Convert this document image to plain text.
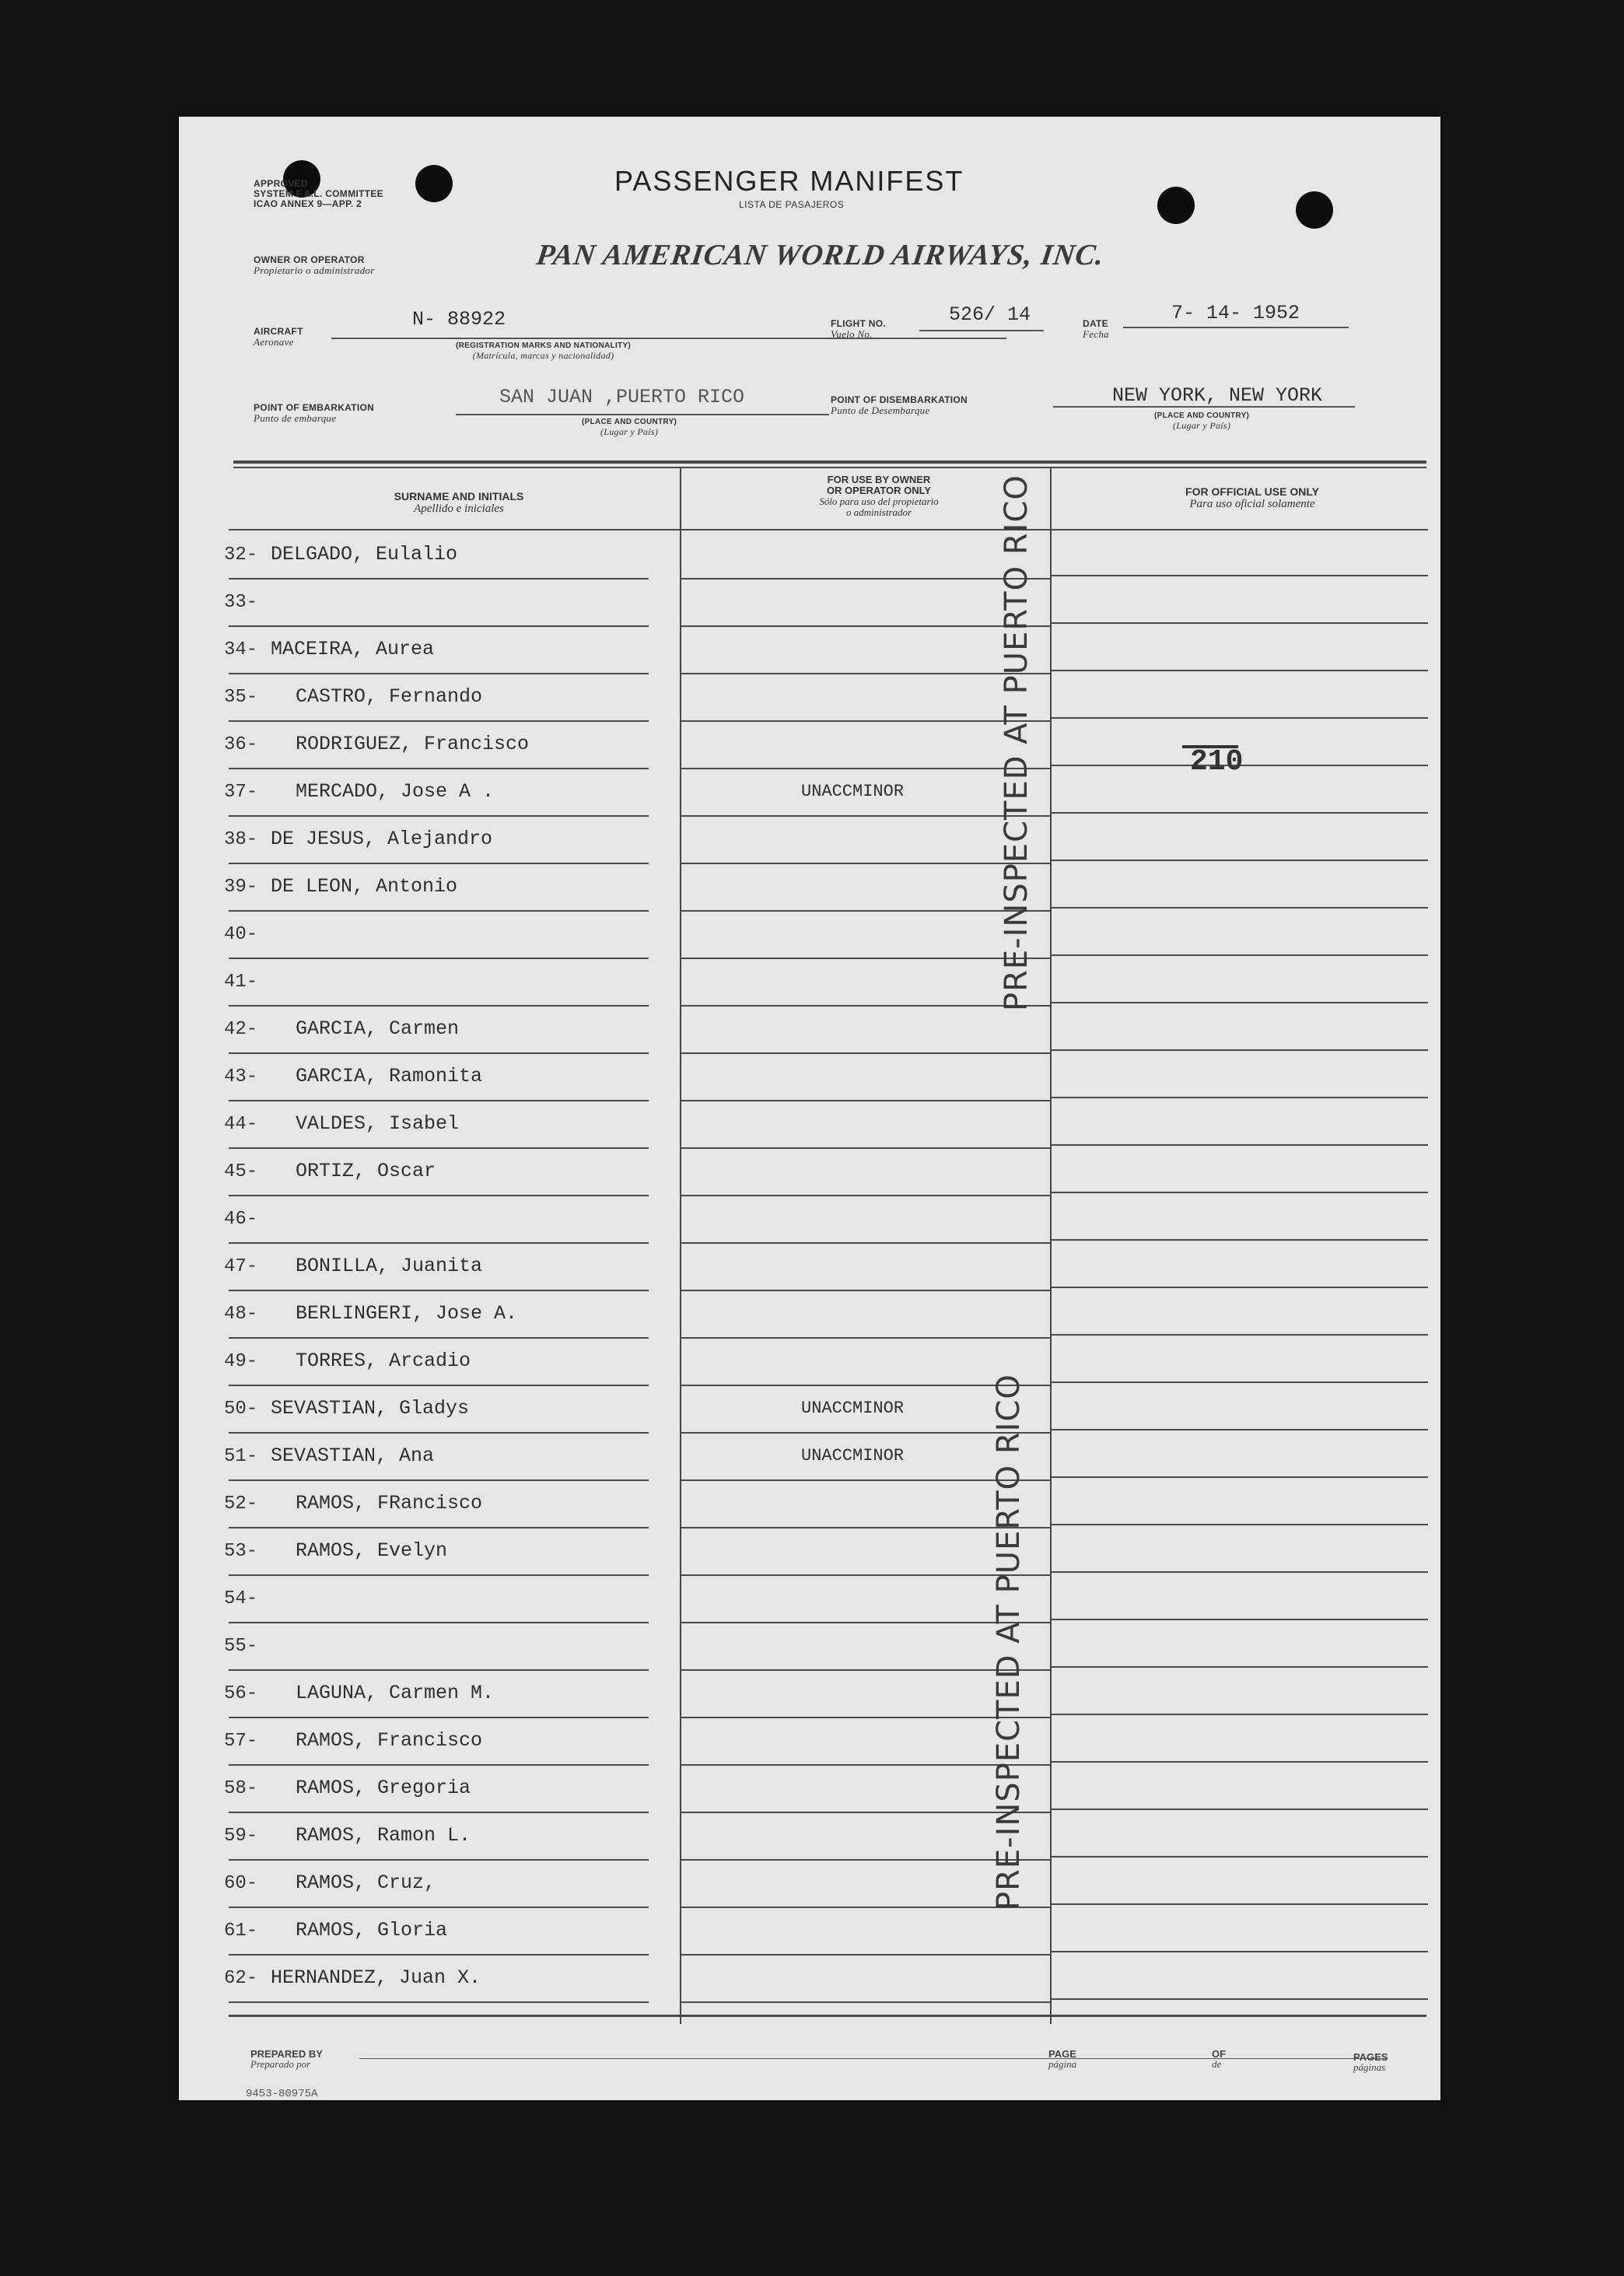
APPROVED
SYSTEM F.A.L. COMMITTEE
ICAO ANNEX 9—APP. 2
PASSENGER MANIFEST
LISTA DE PASAJEROS
OWNER OR OPERATOR
Propietario o administrador	PAN AMERICAN WORLD AIRWAYS, INC.
AIRCRAFT
Aeronave
N- 88922
(REGISTRATION MARKS AND NATIONALITY)
(Matrícula, marcas y nacionalidad)
FLIGHT NO.
Vuelo No.
526/ 14	DATE
Fecha
7- 14- 1952
POINT OF EMBARKATION
Punto de embarque
SAN JUAN ,PUERTO RICO
(PLACE AND COUNTRY)
(Lugar y País)
POINT OF DISEMBARKATION
Punto de Desembarque
NEW YORK, NEW YORK
(PLACE AND COUNTRY)
(Lugar y País)
SURNAME AND INITIALS
Apellido e iniciales
FOR USE BY OWNER
OR OPERATOR ONLY
Sólo para uso del propietario
o administrador
FOR OFFICIAL USE ONLY
Para uso oficial solamente
32- DELGADO, Eulalio
33-
34- MACEIRA, Aurea
35- CASTRO, Fernando
36- RODRIGUEZ, Francisco
37- MERCADO, Jose A .	UNACCMINOR
38- DE JESUS, Alejandro
39- DE LEON, Antonio
40-
41-
42- GARCIA, Carmen
43- GARCIA, Ramonita
44- VALDES, Isabel
45- ORTIZ, Oscar
46-
47- BONILLA, Juanita
48- BERLINGERI, Jose A.
49- TORRES, Arcadio
50- SEVASTIAN, Gladys	UNACCMINOR
51- SEVASTIAN, Ana	UNACCMINOR
52- RAMOS, FRancisco
53- RAMOS, Evelyn
54-
55-
56- LAGUNA, Carmen M.
57- RAMOS, Francisco
58- RAMOS, Gregoria
59- RAMOS, Ramon L.
60- RAMOS, Cruz,
61- RAMOS, Gloria
62- HERNANDEZ, Juan X.
PRE-INSPECTED AT PUERTO RICO
PRE-INSPECTED AT PUERTO RICO
210
PREPARED BY
Preparado por
PAGE
página
OF
de
PAGES
páginas
9453-80975A
